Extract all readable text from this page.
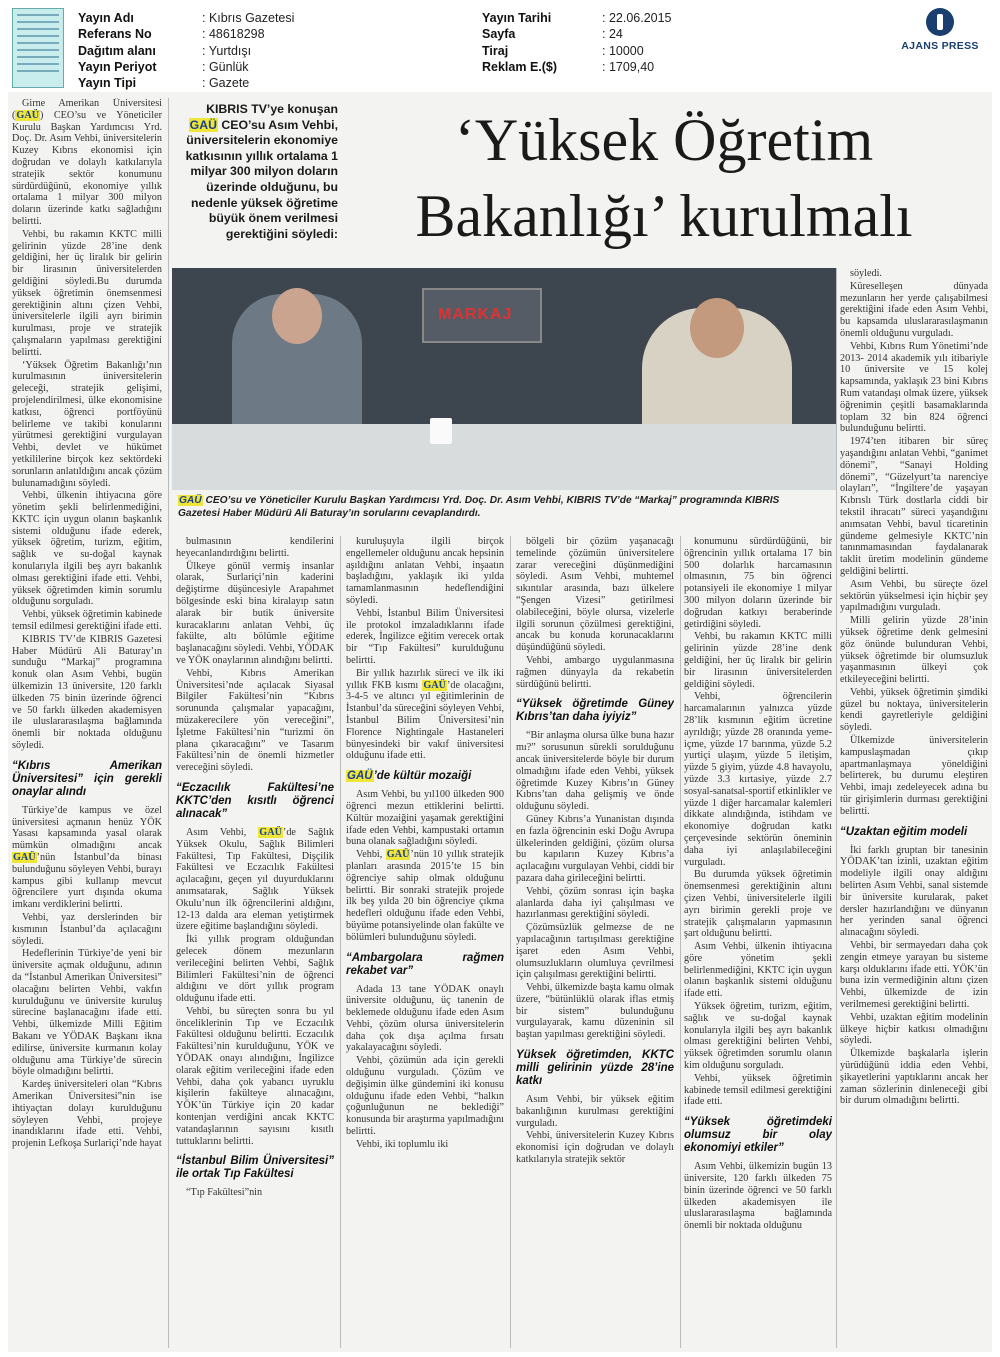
Yayın Adı	: Kıbrıs Gazetesi
Referans No	: 48618298
Dağıtım alanı	: Yurtdışı
Yayın Periyot	: Günlük
Yayın Tipi	: Gazete
Yayın Tarihi	: 22.06.2015
Sayfa	: 24
Tiraj	: 10000
Reklam E.($)	: 1709,40
AJANS PRESS
KIBRIS TV’ye konuşan GAÜ CEO’su Asım Vehbi, üniversitelerin ekonomiye katkısının yıllık ortalama 1 milyar 300 milyon doların üzerinde olduğunu, bu nedenle yüksek öğretime büyük önem verilmesi gerektiğini söyledi:
‘Yüksek Öğretim
Bakanlığı’ kurulmalı

Girne Amerikan Üniversitesi (GAÜ) CEO’su ve Yöneticiler Kurulu Başkan Yardımcısı Yrd. Doç. Dr. Asım Vehbi, üniversitelerin Kuzey Kıbrıs ekonomisi için doğrudan ve dolaylı katkılarıyla stratejik sektör konumunu sürdürdüğünü, ekonomiye yıllık ortalama 1 milyar 300 milyon doların üzerinde katkı sağladığını belirtti.

Vehbi, bu rakamın KKTC milli gelirinin yüzde 28’ine denk geldiğini, her üç liralık bir gelirin bir lirasının üniversitelerden geldiğini söyledi.Bu durumda yüksek öğretimin önemsenmesi gerektiğinin altını çizen Vehbi, üniversitelerle ilgili ayrı birimin kurulması, proje ve stratejik çalışmaların yapılması gerektiğini belirtti.

‘Yüksek Öğretim Bakanlığı’nın kurulmasının üniversitelerin geleceği, stratejik gelişimi, projelendirilmesi, ülke ekonomisine katkısı, öğrenci portföyünü belirleme ve takibi konularını yürütmesi gerektiğini vurgulayan Vehbi, devlet ve hükümet yetkililerine birçok kez sektördeki sorunların anlatıldığını ancak çözüm bulunamadığını söyledi.

Vehbi, ülkenin ihtiyacına göre yönetim şekli belirlenmediğini, KKTC için uygun olanın başkanlık sistemi olduğunu ifade ederek, yüksek öğretim, turizm, eğitim, sağlık ve su-doğal kaynak konularıyla ilgili beş ayrı bakanlık olması gerektiğini ifade etti. Vehbi, yüksek öğretimden kimin sorumlu olduğunu sorguladı.

Vehbi, yüksek öğretimin kabinede temsil edilmesi gerektiğini ifade etti.

KIBRIS TV’de KIBRIS Gazetesi Haber Müdürü Ali Baturay’ın sunduğu “Markaj” programına konuk olan Asım Vehbi, bugün ülkemizin 13 üniversite, 120 farklı ülkeden 75 binin üzerinde öğrenci ve 50 farklı ülkeden akademisyen ile uluslararasılaşma bağlamında önemli bir noktada olduğunu söyledi.

“Kıbrıs Amerikan Üniversitesi” için gerekli onaylar alındı

Türkiye’de kampus ve özel üniversitesi açmanın henüz YÖK Yasası kapsamında yasal olarak mümkün olmadığını ancak GAÜ’nün İstanbul’da binası bulunduğunu söyleyen Vehbi, burayı kampus gibi kullanıp mevcut öğrencilere yurt dışında okuma imkanı verdiklerini belirtti.

Vehbi, yaz derslerinden bir kısmının İstanbul’da açılacağını söyledi.

Hedeflerinin Türkiye’de yeni bir üniversite açmak olduğunu, adının da “İstanbul Amerikan Üniversitesi” olacağını belirten Vehbi, vakfın kurulduğunu ve üniversite kuruluş sürecine başlanacağını ifade etti. Vehbi, ülkemizde Milli Eğitim Bakanı ve YÖDAK Başkanı ikna edilirse, üniversite kurmanın kolay olduğunu ama Türkiye’de sürecin böyle olmadığını belirtti.

Kardeş üniversiteleri olan “Kıbrıs Amerikan Üniversitesi”nin ise ihtiyaçtan dolayı kurulduğunu söyleyen Vehbi, projeye inandıklarını ifade etti. Vehbi, projenin Lefkoşa Surlariçi’nde hayat

MARKAJ
GAÜ CEO’su ve Yöneticiler Kurulu Başkan Yardımcısı Yrd. Doç. Dr. Asım Vehbi, KIBRIS TV’de “Markaj” programında KIBRIS Gazetesi Haber Müdürü Ali Baturay’ın sorularını cevaplandırdı.

bulmasının kendilerini heyecanlandırdığını belirtti.

Ülkeye gönül vermiş insanlar olarak, Surlariçi’nin kaderini değiştirme düşüncesiyle Arapahmet bölgesinde eski bina kiralayıp satın alarak bir butik üniversite kuracaklarını anlatan Vehbi, üç fakülte, altı bölümle eğitime başlanacağını söyledi. Vehbi, YÖDAK ve YÖK onaylarının alındığını belirtti.

Vehbi, Kıbrıs Amerikan Üniversitesi’nde açılacak Siyasal Bilgiler Fakültesi’nin “Kıbrıs sorununda çalışmalar yapacağını, müzakerecilere yön vereceğini”, İşletme Fakültesi’nin “turizmi ön plana çıkaracağını” ve Tasarım Fakültesi’nin de önemli hizmetler vereceğini söyledi.

“Eczacılık Fakültesi’ne KKTC’den kısıtlı öğrenci alınacak”

Asım Vehbi, GAÜ’de Sağlık Yüksek Okulu, Sağlık Bilimleri Fakültesi, Tıp Fakültesi, Dişçilik Fakültesi ve Eczacılık Fakültesi açılacağını, geçen yıl duyurduklarını anımsatarak, Sağlık Yüksek Okulu’nun ilk öğrencilerini aldığını, 12-13 dalda ara eleman yetiştirmek üzere eğitime başlandığını söyledi.

İki yıllık program olduğundan gelecek dönem mezunların verileceğini belirten Vehbi, Sağlık Bilimleri Fakültesi’nin de öğrenci aldığını ve dört yıllık program olduğunu ifade etti.

Vehbi, bu süreçten sonra bu yıl önceliklerinin Tıp ve Eczacılık Fakültesi olduğunu belirtti. Eczacılık Fakültesi’nin kurulduğunu, YÖK ve YÖDAK onayı alındığını, İngilizce olarak eğitim verileceğini ifade eden Vehbi, daha çok yabancı uyruklu kişilerin fakülteye alınacağını, YÖK’ün Türkiye için 20 kadar kontenjan verdiğini ancak KKTC vatandaşlarının sayısını kısıtlı tuttuklarını belirtti.

“İstanbul Bilim Üniversitesi” ile ortak Tıp Fakültesi

“Tıp Fakültesi”nin

kuruluşuyla ilgili birçok engellemeler olduğunu ancak hepsinin aşıldığını anlatan Vehbi, inşaatın başladığını, yaklaşık iki yılda tamamlanmasının hedeflendiğini söyledi.

Vehbi, İstanbul Bilim Üniversitesi ile protokol imzaladıklarını ifade ederek, İngilizce eğitim verecek ortak bir “Tıp Fakültesi” kurulduğunu belirtti.

Bir yıllık hazırlık süreci ve ilk iki yıllık FKB kısmı GAÜ’de olacağını, 3-4-5 ve altıncı yıl eğitimlerinin de İstanbul’da süreceğini söyleyen Vehbi, İstanbul Bilim Üniversitesi’nin Florence Nightingale Hastaneleri bünyesindeki bir vakıf üniversitesi olduğunu ifade etti.

GAÜ’de kültür mozaiği

Asım Vehbi, bu yıl100 ülkeden 900 öğrenci mezun ettiklerini belirtti. Kültür mozaiğini yaşamak gerektiğini ifade eden Vehbi, kampustaki ortamın buna olanak sağladığını söyledi.

Vehbi, GAÜ’nün 10 yıllık stratejik planları arasında 2015’te 15 bin öğrenciye sahip olmak olduğunu belirtti. Bir sonraki stratejik projede ilk beş yılda 20 bin öğrenciye çıkma hedefleri olduğunu ifade eden Vehbi, büyüme potansiyelinde olan fakülte ve bölümleri bulunduğunu söyledi.

“Ambargolara rağmen rekabet var”

Adada 13 tane YÖDAK onaylı üniversite olduğunu, üç tanenin de beklemede olduğunu ifade eden Asım Vehbi, çözüm olursa üniversitelerin daha çok dışa açılma fırsatı yakalayacağını söyledi.

Vehbi, çözümün ada için gerekli olduğunu vurguladı. Çözüm ve değişimin ülke gündemini iki konusu olduğunu ifade eden Vehbi, “halkın çoğunluğunun ne beklediği” konusunda bir araştırma yapılmadığını belirtti.

Vehbi, iki toplumlu iki

bölgeli bir çözüm yaşanacağı temelinde çözümün üniversitelere zarar vereceğini düşünmediğini söyledi. Asım Vehbi, muhtemel sıkıntılar arasında, bazı ülkelere “Şengen Vizesi” getirilmesi olabileceğini, böyle olursa, vizelerle ilgili sorunun çözülmesi gerektiğini, ancak bu konuda korunacaklarını düşündüğünü söyledi.

Vehbi, ambargo uygulanmasına rağmen dünyayla da rekabetin sürdüğünü belirtti.

“Yüksek öğretimde Güney Kıbrıs’tan daha iyiyiz”

“Bir anlaşma olursa ülke buna hazır mı?” sorusunun sürekli sorulduğunu ancak üniversitelerde böyle bir durum olmadığını ifade eden Vehbi, yüksek öğretimde Kuzey Kıbrıs’ın Güney Kıbrıs’tan daha gelişmiş ve önde olduğunu söyledi.

Güney Kıbrıs’a Yunanistan dışında en fazla öğrencinin eski Doğu Avrupa ülkelerinden geldiğini, çözüm olursa bu kapıların Kuzey Kıbrıs’a açılacağını vurgulayan Vehbi, ciddi bir pazara daha girileceğini belirtti.

Vehbi, çözüm sonrası için başka alanlarda daha iyi çalışılması ve hazırlanması gerektiğini söyledi.

Çözümsüzlük gelmezse de ne yapılacağının tartışılması gerektiğine işaret eden Asım Vehbi, olumsuzlukların olumluya çevrilmesi için çalışılması gerektiğini belirtti.

Vehbi, ülkemizde başta kamu olmak üzere, “bütünlüklü olarak iflas etmiş bir sistem” bulunduğunu vurgulayarak, kamu düzeninin sil baştan yapılması gerektiğini söyledi.

Yüksek öğretimden, KKTC milli gelirinin yüzde 28’ine katkı

Asım Vehbi, bir yüksek eğitim bakanlığının kurulması gerektiğini vurguladı.

Vehbi, üniversitelerin Kuzey Kıbrıs ekonomisi için doğrudan ve dolaylı katkılarıyla stratejik sektör

konumunu sürdürdüğünü, bir öğrencinin yıllık ortalama 17 bin 500 dolarlık harcamasının olmasının, 75 bin öğrenci potansiyeli ile ekonomiye 1 milyar 300 milyon doların üzerinde bir doğrudan katkıyı beraberinde getirdiğini söyledi.

Vehbi, bu rakamın KKTC milli gelirinin yüzde 28’ine denk geldiğini, her üç liralık bir gelirin bir lirasının üniversitelerden geldiğini söyledi.

Vehbi, öğrencilerin harcamalarının yalnızca yüzde 28’lik kısmının eğitim ücretine ayrıldığı; yüzde 28 oranında yeme-içme, yüzde 17 barınma, yüzde 5.2 yurtiçi ulaşım, yüzde 5 iletişim, yüzde 5 giyim, yüzde 4.8 havayolu, yüzde 3.3 kırtasiye, yüzde 2.7 sosyal-sanatsal-sportif etkinlikler ve yüzde 1 diğer harcamalar kalemleri dikkate alındığında, istihdam ve ekonomiye doğrudan katkı çerçevesinde sektörün öneminin daha iyi anlaşılabileceğini vurguladı.

Bu durumda yüksek öğretimin önemsenmesi gerektiğinin altını çizen Vehbi, üniversitelerle ilgili ayrı birimin gerekli proje ve stratejik çalışmaların yapmasının şart olduğunu belirtti.

Asım Vehbi, ülkenin ihtiyacına göre yönetim şekli belirlenmediğini, KKTC için uygun olanın başkanlık sistemi olduğunu ifade etti.

Yüksek öğretim, turizm, eğitim, sağlık ve su-doğal kaynak konularıyla ilgili beş ayrı bakanlık olması gerektiğini belirten Vehbi, yüksek öğretimden sorumlu olanın kim olduğunu sorguladı.

Vehbi, yüksek öğretimin kabinede temsil edilmesi gerektiğini ifade etti.

“Yüksek öğretimdeki olumsuz bir olay ekonomiyi etkiler”

Asım Vehbi, ülkemizin bugün 13 üniversite, 120 farklı ülkeden 75 binin üzerinde öğrenci ve 50 farklı ülkeden akademisyen ile uluslararasılaşma bağlamında önemli bir noktada olduğunu

söyledi.

Küreselleşen dünyada mezunların her yerde çalışabilmesi gerektiğini ifade eden Asım Vehbi, bu kapsamda uluslararasılaşmanın önemli olduğunu vurguladı.

Vehbi, Kıbrıs Rum Yönetimi’nde 2013- 2014 akademik yılı itibariyle 10 üniversite ve 15 kolej kapsamında, yaklaşık 23 bini Kıbrıs Rum vatandaşı olmak üzere, yüksek öğrenimin çeşitli basamaklarında toplam 32 bin 824 öğrenci bulunduğunu belirtti.

1974’ten itibaren bir süreç yaşandığını anlatan Vehbi, “ganimet dönemi”, “Sanayi Holding dönemi”, “Güzelyurt’ta narenciye olayları”, “İngiltere’de yaşayan Kıbrıslı Türk dostlarla ciddi bir tekstil ihracatı” süreci yaşandığını anımsatan Vehbi, bavul ticaretinin gündeme gelmesiyle KKTC’nin tanınmamasından faydalanarak taklit üretim modelinin gündeme geldiğini belirtti.

Asım Vehbi, bu süreçte özel sektörün yükselmesi için hiçbir şey yapılmadığını vurguladı.

Milli gelirin yüzde 28’inin yüksek öğretime denk gelmesini göz önünde bulunduran Vehbi, yüksek öğretimde bir olumsuzluk yaşanmasının ülkeyi çok etkileyeceğini belirtti.

Vehbi, yüksek öğretimin şimdiki güzel bu noktaya, üniversitelerin kendi gayretleriyle geldiğini söyledi.

Ülkemizde üniversitelerin kampuslaşmadan çıkıp apartmanlaşmaya yöneldiğini belirterek, bu durumu eleştiren Vehbi, imajı zedeleyecek adına bu tür girişimlerin durması gerektiğini belirtti.

“Uzaktan eğitim modeli

İki farklı gruptan bir tanesinin YÖDAK’tan izinli, uzaktan eğitim modeliyle ilgili onay aldığını belirten Asım Vehbi, sanal sistemde bir üniversite kurularak, paket dersler hazırlandığını ve dünyanın her yerinden sanal öğrenci alınacağını söyledi.

Vehbi, bir sermayedarı daha çok zengin etmeye yarayan bu sisteme karşı olduklarını ifade etti. YÖK’ün buna izin vermediğinin altını çizen Vehbi, ülkemizde de izin verilmemesi gerektiğini belirtti.

Vehbi, uzaktan eğitim modelinin ülkeye hiçbir katkısı olmadığını söyledi.

Ülkemizde başkalarla işlerin yürüdüğünü iddia eden Vehbi, şikayetlerini yaptıklarını ancak her zaman sözlerinin dinleneceği gibi bir durum olmadığını belirtti.
